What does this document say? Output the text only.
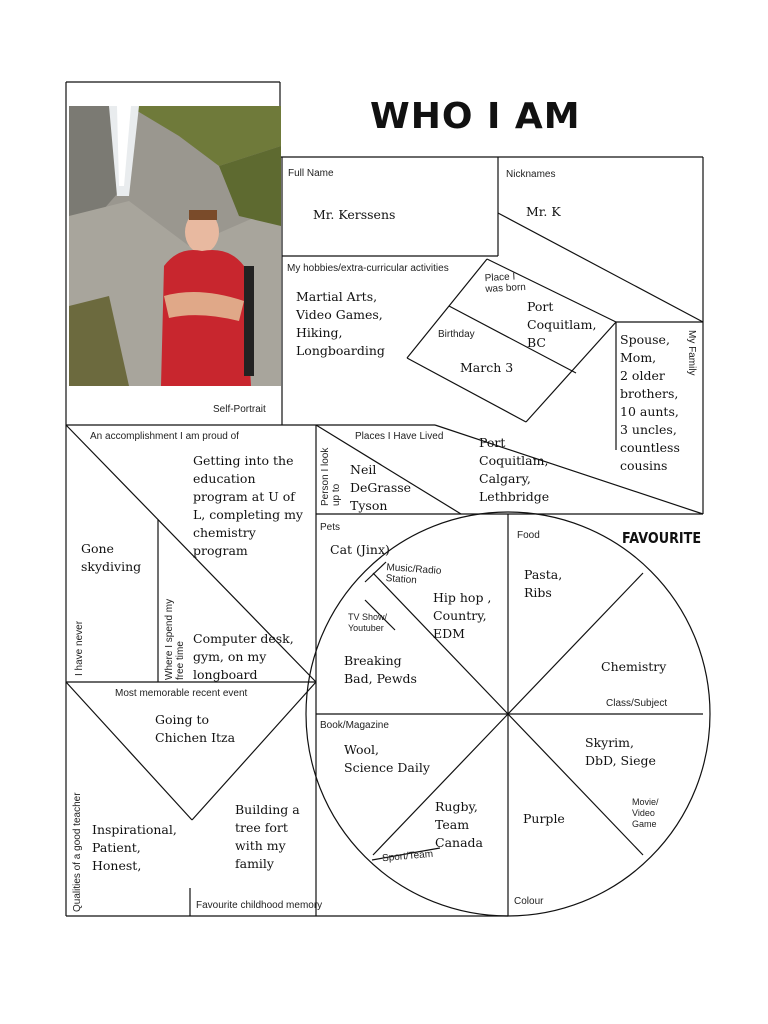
Self-Portrait
WHO I AM
Full Name
Mr. Kerssens
Nicknames
Mr. K
My hobbies/extra-curricular activities
Martial Arts,
Video Games,
Hiking,
Longboarding
Place I
was born
Port
Coquitlam,
BC
Birthday
March 3	My Family
Spouse,
Mom,
2 older
brothers,
10 aunts,
3 uncles,
countless
cousins
An accomplishment I am proud of
Getting into the
education
program at U of
L, completing my
chemistry
program
I have never
Gone
skydiving
Where I spend my free time
Computer desk,
gym, on my
longboard
Places I Have Lived	Port
Coquitlam,
Calgary,
Lethbridge
Person I look up to
Neil
DeGrasse
Tyson
Most memorable recent event
Going to
Chichen Itza
Qualities of a good teacher Inspirational,
Patient,
Honest,
Building a
tree fort
with my
family
Favourite childhood memory
FAVOURITE
Pets
Cat (Jinx)
Music/Radio
Station
Hip hop ,
Country,
EDM
TV Show/
Youtuber
Breaking
Bad, Pewds
Food
Pasta,
Ribs
Chemistry
Class/Subject
Skyrim,
DbD, Siege
Movie/
Video
Game
Purple
Colour
Rugby,
Team
Canada
Sport/Team
Book/Magazine
Wool,
Science Daily
